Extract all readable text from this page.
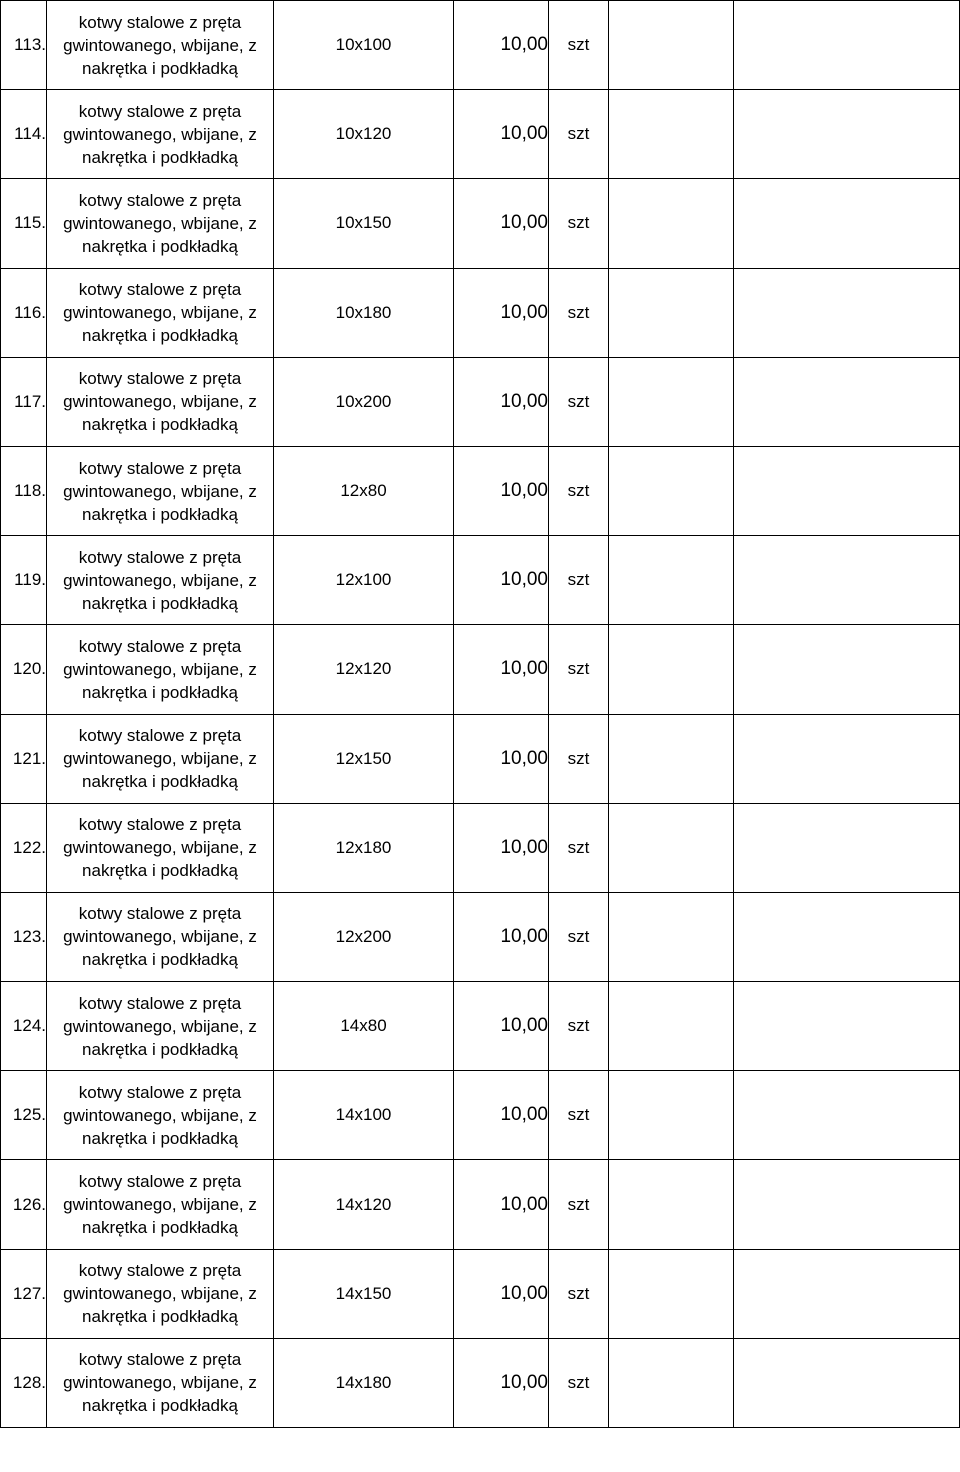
113.	kotwy stalowe z pręta
gwintowanego, wbijane, z
nakrętka i podkładką	10x100	10,00	szt		
114.	kotwy stalowe z pręta
gwintowanego, wbijane, z
nakrętka i podkładką	10x120	10,00	szt		
115.	kotwy stalowe z pręta
gwintowanego, wbijane, z
nakrętka i podkładką	10x150	10,00	szt		
116.	kotwy stalowe z pręta
gwintowanego, wbijane, z
nakrętka i podkładką	10x180	10,00	szt		
117.	kotwy stalowe z pręta
gwintowanego, wbijane, z
nakrętka i podkładką	10x200	10,00	szt		
118.	kotwy stalowe z pręta
gwintowanego, wbijane, z
nakrętka i podkładką	12x80	10,00	szt		
119.	kotwy stalowe z pręta
gwintowanego, wbijane, z
nakrętka i podkładką	12x100	10,00	szt		
120.	kotwy stalowe z pręta
gwintowanego, wbijane, z
nakrętka i podkładką	12x120	10,00	szt		
121.	kotwy stalowe z pręta
gwintowanego, wbijane, z
nakrętka i podkładką	12x150	10,00	szt		
122.	kotwy stalowe z pręta
gwintowanego, wbijane, z
nakrętka i podkładką	12x180	10,00	szt		
123.	kotwy stalowe z pręta
gwintowanego, wbijane, z
nakrętka i podkładką	12x200	10,00	szt		
124.	kotwy stalowe z pręta
gwintowanego, wbijane, z
nakrętka i podkładką	14x80	10,00	szt		
125.	kotwy stalowe z pręta
gwintowanego, wbijane, z
nakrętka i podkładką	14x100	10,00	szt		
126.	kotwy stalowe z pręta
gwintowanego, wbijane, z
nakrętka i podkładką	14x120	10,00	szt		
127.	kotwy stalowe z pręta
gwintowanego, wbijane, z
nakrętka i podkładką	14x150	10,00	szt		
128.	kotwy stalowe z pręta
gwintowanego, wbijane, z
nakrętka i podkładką	14x180	10,00	szt		
